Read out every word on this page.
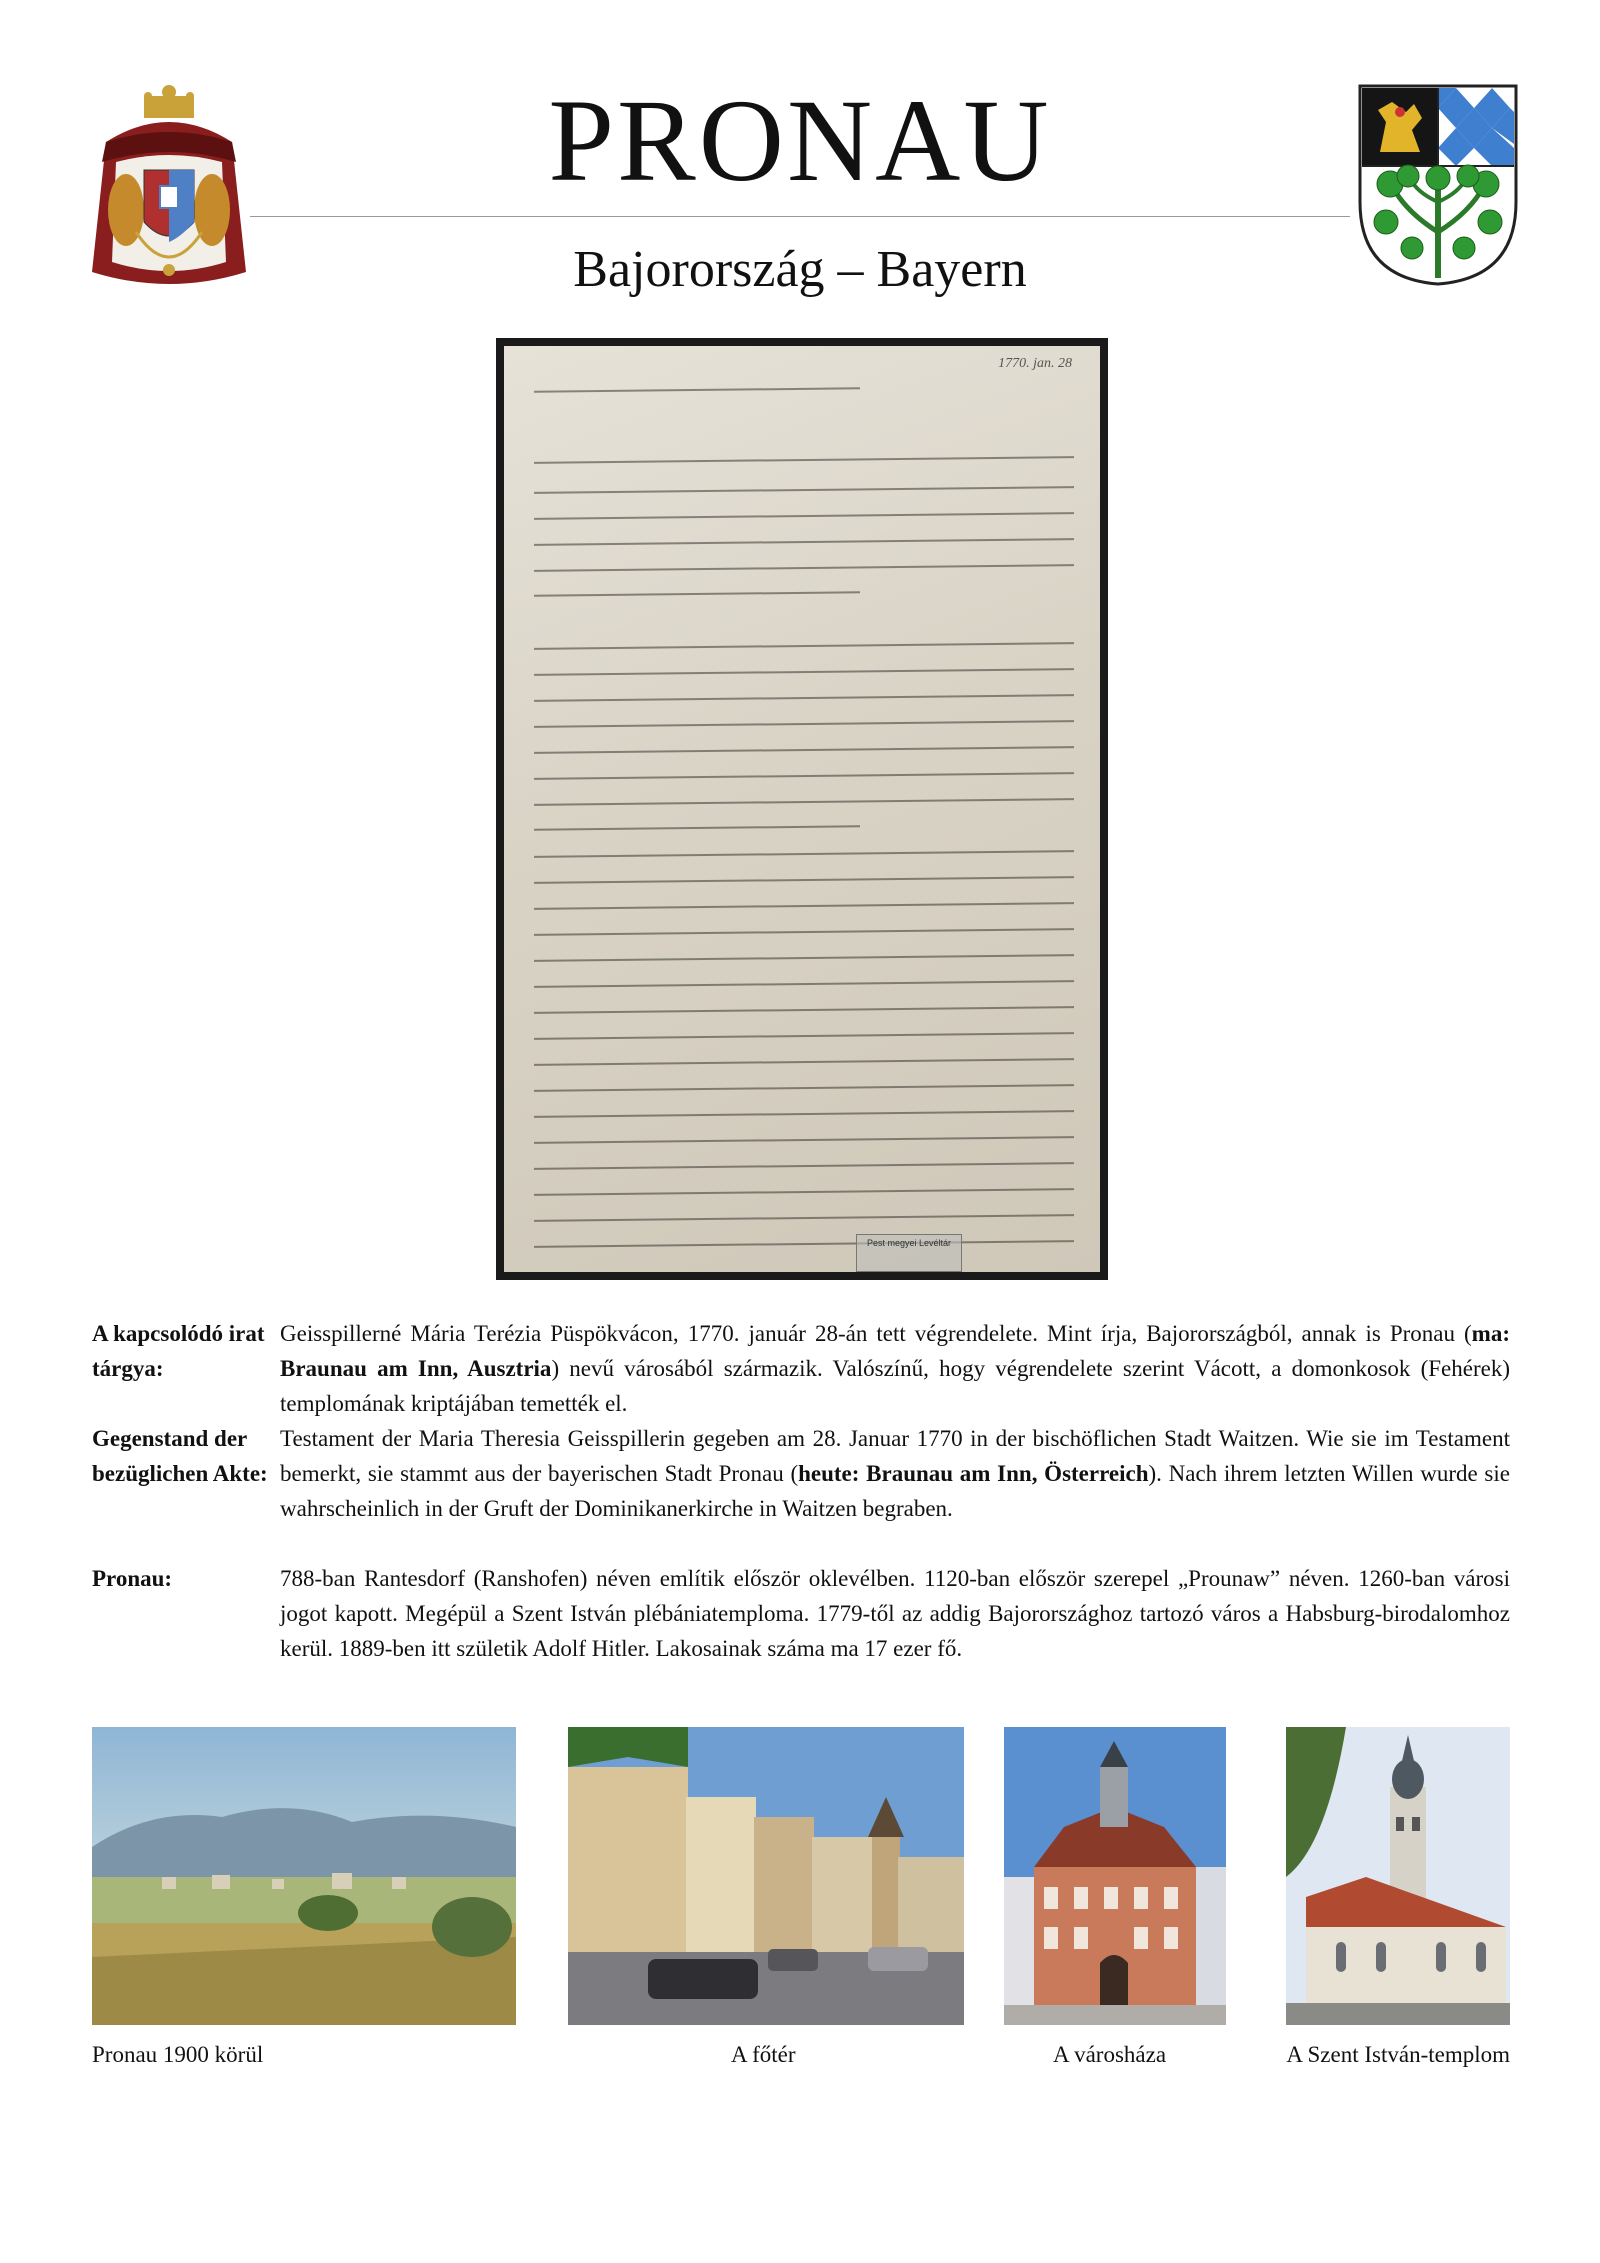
PRONAU
Bajorország – Bayern
1770. jan. 28
Pest megyei Levéltár
A kapcsolódó irat tárgya:
Geisspillerné Mária Terézia Püspökvácon, 1770. január 28-án tett végrendelete. Mint írja, Bajorországból, annak is Pronau (ma: Braunau am Inn, Ausztria) nevű városából származik. Valószínű, hogy végrendelete szerint Vácott, a domonkosok (Fehérek) templomának kriptájában temették el.
Gegenstand der bezüglichen Akte:
Testament der Maria Theresia Geisspillerin gegeben am 28. Januar 1770 in der bischöflichen Stadt Waitzen. Wie sie im Testament bemerkt, sie stammt aus der bayerischen Stadt Pronau (heute: Braunau am Inn, Österreich). Nach ihrem letzten Willen wurde sie wahrscheinlich in der Gruft der Dominikanerkirche in Waitzen begraben.
Pronau:	788-ban Rantesdorf (Ranshofen) néven említik először oklevélben. 1120-ban először szerepel „Prounaw” néven. 1260-ban városi jogot kapott. Megépül a Szent István plébániatemploma. 1779-től az addig Bajorországhoz tartozó város a Habsburg-birodalomhoz kerül. 1889-ben itt születik Adolf Hitler. Lakosainak száma ma 17 ezer fő.
Pronau 1900 körül	A főtér	A városháza	A Szent István-templom
